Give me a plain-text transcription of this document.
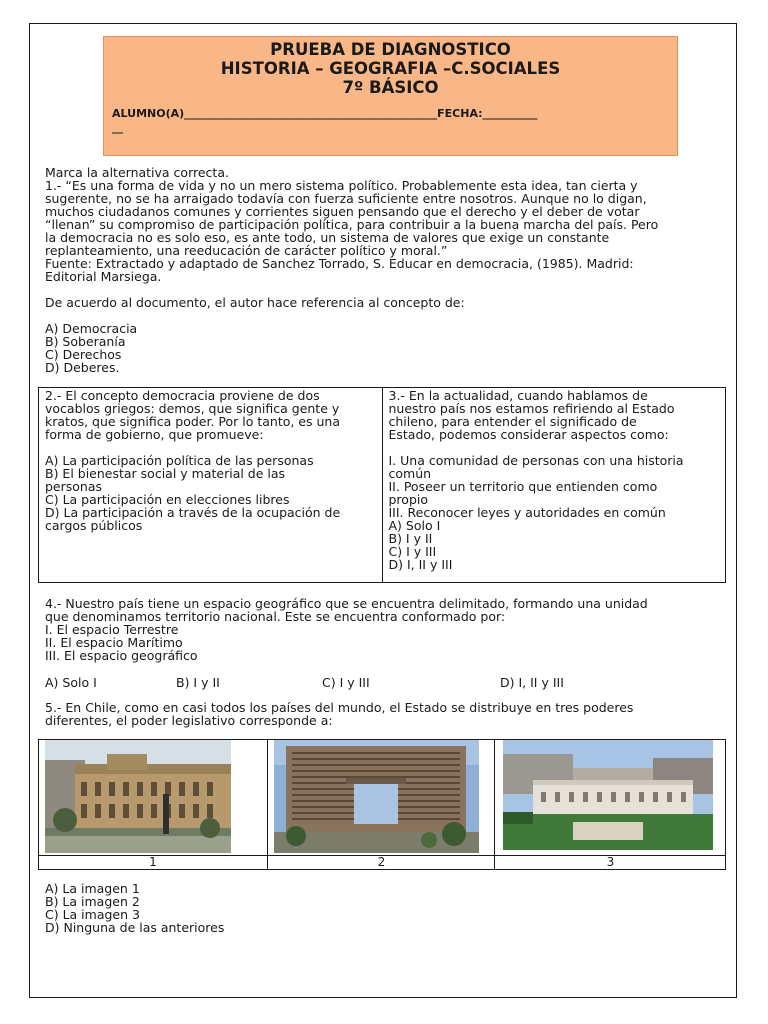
PRUEBA DE DIAGNOSTICO
HISTORIA – GEOGRAFIA –C.SOCIALES
7º BÁSICO
ALUMNO(A)______________________________________________FECHA:__________
__
Marca la alternativa correcta.
1.- “Es una forma de vida y no un mero sistema político. Probablemente esta idea, tan cierta y
sugerente, no se ha arraigado todavía con fuerza suficiente entre nosotros. Aunque no lo digan,
muchos ciudadanos comunes y corrientes siguen pensando que el derecho y el deber de votar
“llenan” su compromiso de participación política, para contribuir a la buena marcha del país. Pero
la democracia no es solo eso, es ante todo, un sistema de valores que exige un constante
replanteamiento, una reeducación de carácter político y moral.”
Fuente: Extractado y adaptado de Sanchez Torrado, S. Educar en democracia, (1985). Madrid:
Editorial Marsiega.
De acuerdo al documento, el autor hace referencia al concepto de:
A) Democracia
B) Soberanía
C) Derechos
D) Deberes.
2.- El concepto democracia proviene de dos
vocablos griegos: demos, que significa gente y
kratos, que significa poder. Por lo tanto, es una
forma de gobierno, que promueve:

A) La participación política de las personas
B) El bienestar social y material de las
personas
C) La participación en elecciones libres
D) La participación a través de la ocupación de
cargos públicos
3.- En la actualidad, cuando hablamos de
nuestro país nos estamos refiriendo al Estado
chileno, para entender el significado de
Estado, podemos considerar aspectos como:

I. Una comunidad de personas con una historia
común
II. Poseer un territorio que entienden como
propio
III. Reconocer leyes y autoridades en común
A) Solo I
B) I y II
C) I y III
D) I, II y III
4.- Nuestro país tiene un espacio geográfico que se encuentra delimitado, formando una unidad
que denominamos territorio nacional. Este se encuentra conformado por:
I. El espacio Terrestre
II. El espacio Marítimo
III. El espacio geográfico
A) Solo I	B) I y II	C) I y III	D) I, II y III
5.- En Chile, como en casi todos los países del mundo, el Estado se distribuye en tres poderes
diferentes, el poder legislativo corresponde a:
1	2	3
A) La imagen 1
B) La imagen 2
C) La imagen 3
D) Ninguna de las anteriores
